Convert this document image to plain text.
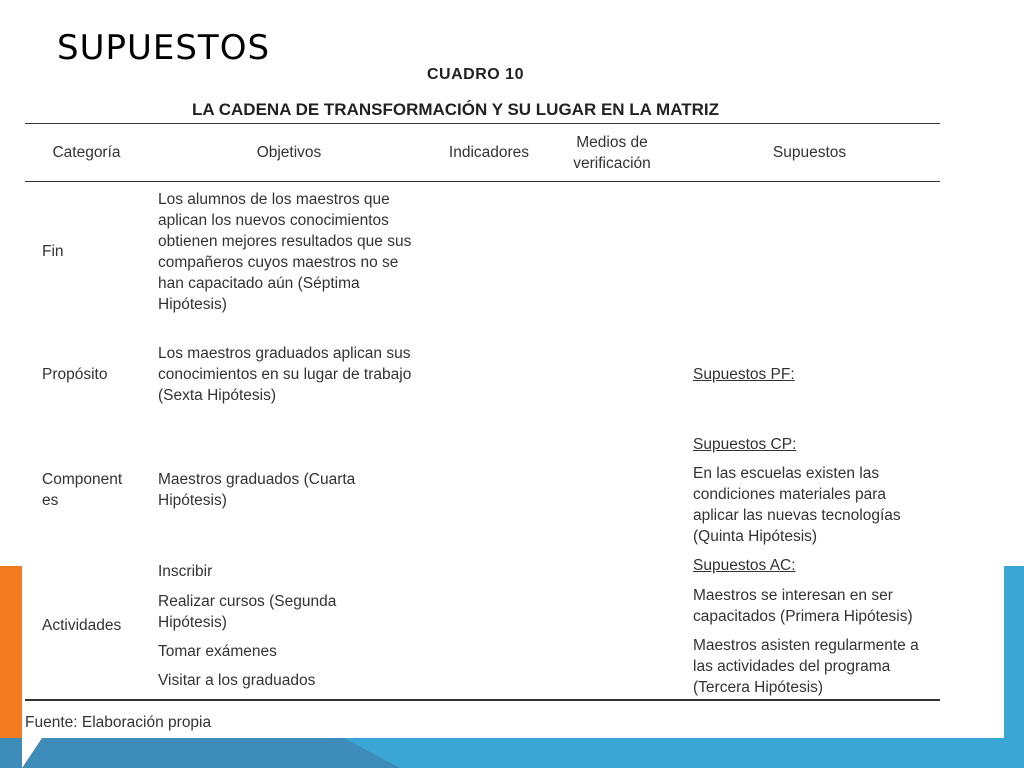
SUPUESTOS
CUADRO 10
LA CADENA DE TRANSFORMACIÓN Y SU LUGAR EN LA MATRIZ

Categoría	Objetivos	Indicadores

Medios de verificación

Supuestos

Fin

Los alumnos de los maestros que aplican los nuevos conocimientos obtienen mejores resultados que sus compañeros cuyos maestros no se han capacitado aún (Séptima Hipótesis)

Propósito

Los maestros graduados aplican sus conocimientos en su lugar de trabajo (Sexta Hipótesis)

Supuestos PF:

Component es

Maestros graduados (Cuarta Hipótesis)

Supuestos CP:

En las escuelas existen las condiciones materiales para aplicar las nuevas tecnologías (Quinta Hipótesis)

Actividades

Inscribir

Realizar cursos (Segunda Hipótesis)

Tomar exámenes

Visitar a los graduados

Supuestos AC:

Maestros se interesan en ser capacitados (Primera Hipótesis)

Maestros asisten regularmente a las actividades del programa (Tercera Hipótesis)

Fuente: Elaboración propia
